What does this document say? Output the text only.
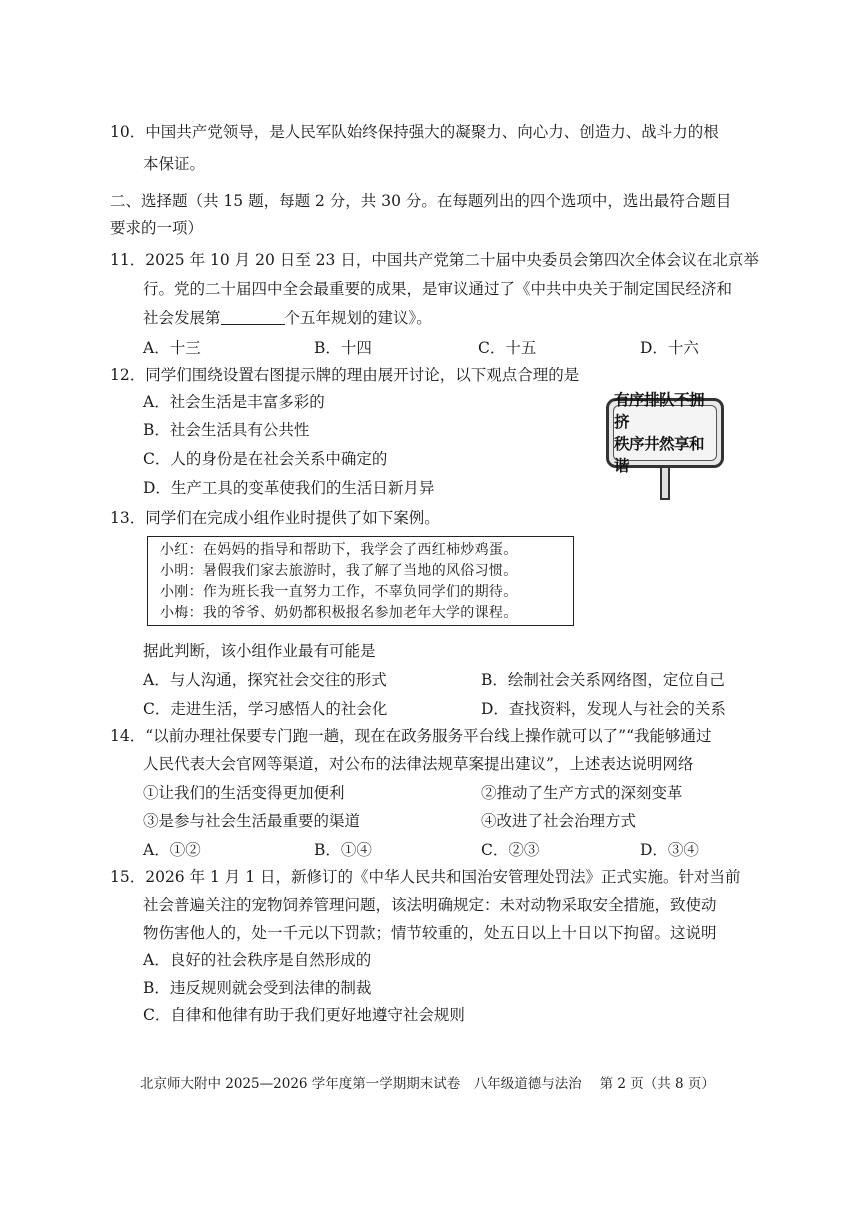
10．中国共产党领导，是人民军队始终保持强大的凝聚力、向心力、创造力、战斗力的根
本保证。
二、选择题（共 15 题，每题 2 分，共 30 分。在每题列出的四个选项中，选出最符合题目
要求的一项）
11．2025 年 10 月 20 日至 23 日，中国共产党第二十届中央委员会第四次全体会议在北京举
行。党的二十届四中全会最重要的成果，是审议通过了《中共中央关于制定国民经济和
社会发展第	个五年规划的建议》。
A．十三	B．十四	C．十五	D．十六
12．同学们围绕设置右图提示牌的理由展开讨论，以下观点合理的是
A．社会生活是丰富多彩的
B．社会生活具有公共性
C．人的身份是在社会关系中确定的
D．生产工具的变革使我们的生活日新月异
有序排队不拥挤
秩序井然享和谐
13．同学们在完成小组作业时提供了如下案例。
小红：在妈妈的指导和帮助下，我学会了西红柿炒鸡蛋。
小明：暑假我们家去旅游时，我了解了当地的风俗习惯。
小刚：作为班长我一直努力工作，不辜负同学们的期待。
小梅：我的爷爷、奶奶都积极报名参加老年大学的课程。
据此判断，该小组作业最有可能是
A．与人沟通，探究社会交往的形式	B．绘制社会关系网络图，定位自己
C．走进生活，学习感悟人的社会化	D．查找资料，发现人与社会的关系
14．“以前办理社保要专门跑一趟，现在在政务服务平台线上操作就可以了”“我能够通过
人民代表大会官网等渠道，对公布的法律法规草案提出建议”，上述表达说明网络
①让我们的生活变得更加便利	②推动了生产方式的深刻变革
③是参与社会生活最重要的渠道	④改进了社会治理方式
A．①②	B．①④	C．②③	D．③④
15．2026 年 1 月 1 日，新修订的《中华人民共和国治安管理处罚法》正式实施。针对当前
社会普遍关注的宠物饲养管理问题，该法明确规定：未对动物采取安全措施，致使动
物伤害他人的，处一千元以下罚款；情节较重的，处五日以上十日以下拘留。这说明
A．良好的社会秩序是自然形成的
B．违反规则就会受到法律的制裁
C．自律和他律有助于我们更好地遵守社会规则
北京师大附中 2025—2026 学年度第一学期期末试卷　八年级道德与法治　 第 2 页（共 8 页）
